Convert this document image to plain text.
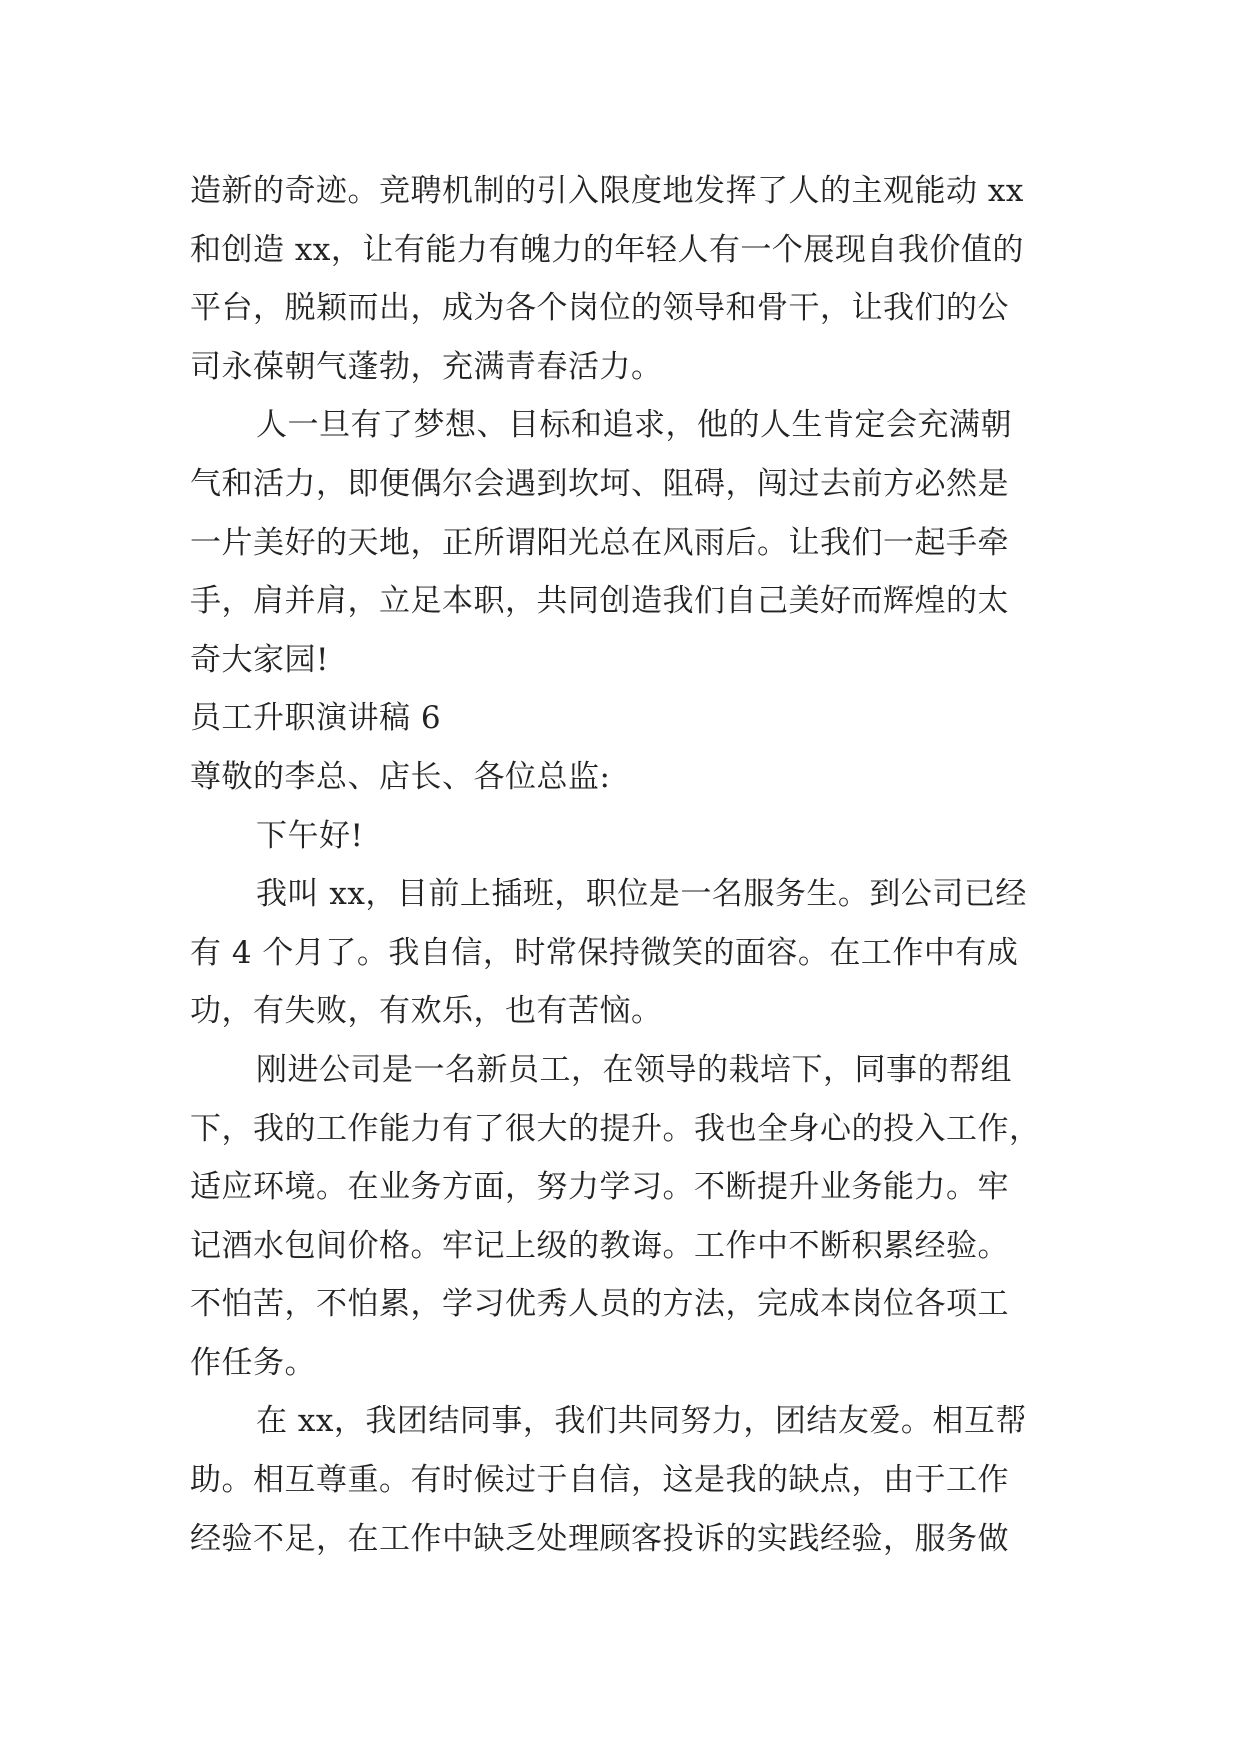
造新的奇迹。竞聘机制的引入限度地发挥了人的主观能动 xx
和创造 xx，让有能力有魄力的年轻人有一个展现自我价值的
平台，脱颖而出，成为各个岗位的领导和骨干，让我们的公
司永葆朝气蓬勃，充满青春活力。
人一旦有了梦想、目标和追求，他的人生肯定会充满朝
气和活力，即便偶尔会遇到坎坷、阻碍，闯过去前方必然是
一片美好的天地，正所谓阳光总在风雨后。让我们一起手牵
手，肩并肩，立足本职，共同创造我们自己美好而辉煌的太
奇大家园!
员工升职演讲稿 6
尊敬的李总、店长、各位总监:
下午好!
我叫 xx，目前上插班，职位是一名服务生。到公司已经
有 4 个月了。我自信，时常保持微笑的面容。在工作中有成
功，有失败，有欢乐，也有苦恼。
刚进公司是一名新员工，在领导的栽培下，同事的帮组
下，我的工作能力有了很大的提升。我也全身心的投入工作，
适应环境。在业务方面，努力学习。不断提升业务能力。牢
记酒水包间价格。牢记上级的教诲。工作中不断积累经验。
不怕苦，不怕累，学习优秀人员的方法，完成本岗位各项工
作任务。
在 xx，我团结同事，我们共同努力，团结友爱。相互帮
助。相互尊重。有时候过于自信，这是我的缺点，由于工作
经验不足，在工作中缺乏处理顾客投诉的实践经验，服务做
